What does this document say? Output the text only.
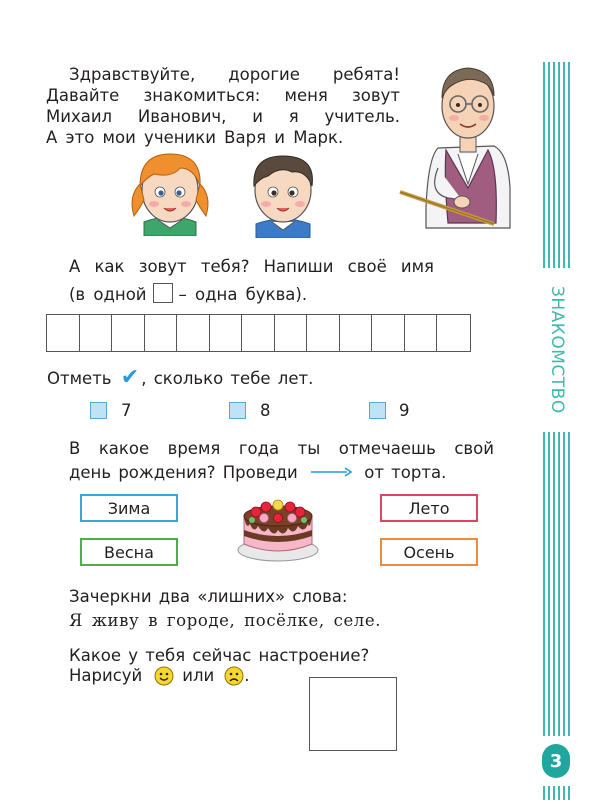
Здравствуйте, дорогие ребята!
Давайте знакомиться: меня зовут
Михаил Иванович, и я учитель.
А это мои ученики Варя и Марк.
А как зовут тебя? Напиши своё имя
(в одной – одна буква).
Отметь ✔ , сколько тебе лет.
7	8	9
В какое время года ты отмечаешь свой
день рождения? Проведи	от торта.
Зима	Лето
Весна	Осень
Зачеркни два «лишних» слова:
Я живу в городе, посёлке, селе.
Какое у тебя сейчас настроение?
Нарисуй или .
ЗНАКОМСТВО
3
